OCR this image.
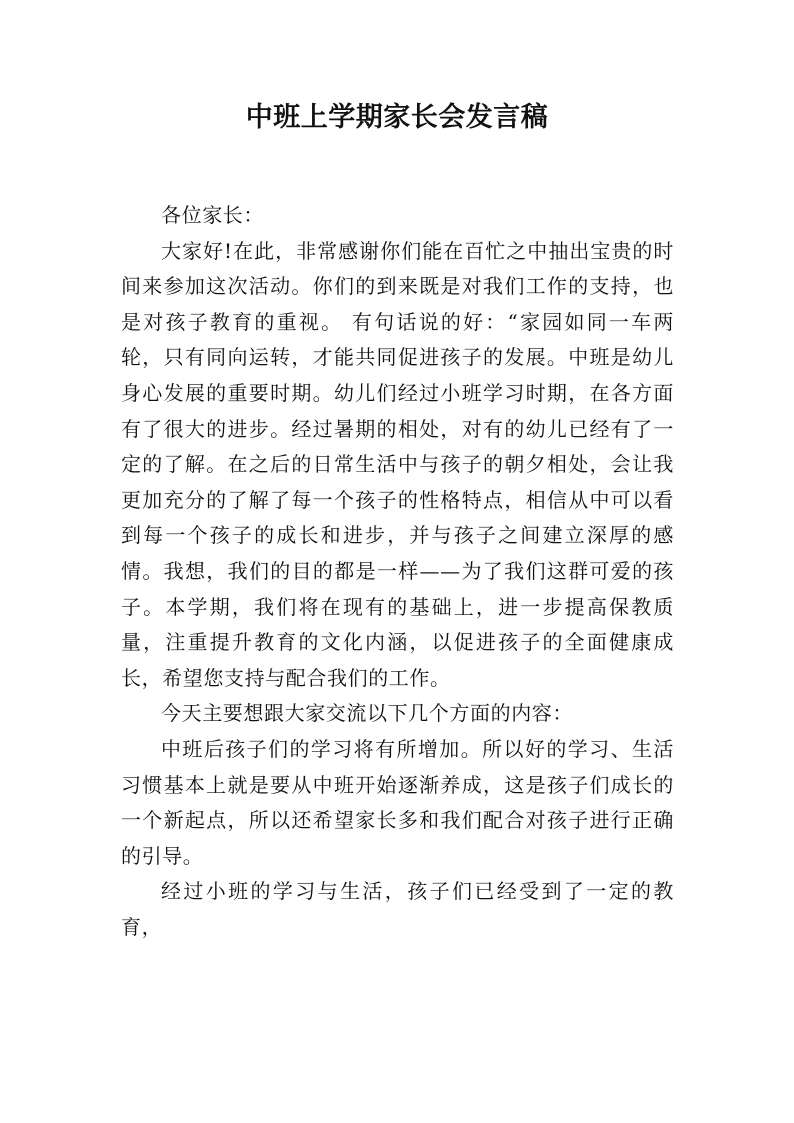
中班上学期家长会发言稿

各位家长：

大家好!在此，非常感谢你们能在百忙之中抽出宝贵的时间来参加这次活动。你们的到来既是对我们工作的支持，也是对孩子教育的重视。 有句话说的好：“家园如同一车两轮，只有同向运转，才能共同促进孩子的发展。中班是幼儿身心发展的重要时期。幼儿们经过小班学习时期，在各方面有了很大的进步。经过暑期的相处，对有的幼儿已经有了一定的了解。在之后的日常生活中与孩子的朝夕相处，会让我更加充分的了解了每一个孩子的性格特点，相信从中可以看到每一个孩子的成长和进步，并与孩子之间建立深厚的感情。我想，我们的目的都是一样——为了我们这群可爱的孩子。本学期，我们将在现有的基础上，进一步提高保教质量，注重提升教育的文化内涵，以促进孩子的全面健康成长，希望您支持与配合我们的工作。

今天主要想跟大家交流以下几个方面的内容：

中班后孩子们的学习将有所增加。所以好的学习、生活习惯基本上就是要从中班开始逐渐养成，这是孩子们成长的一个新起点，所以还希望家长多和我们配合对孩子进行正确的引导。

经过小班的学习与生活，孩子们已经受到了一定的教育，
